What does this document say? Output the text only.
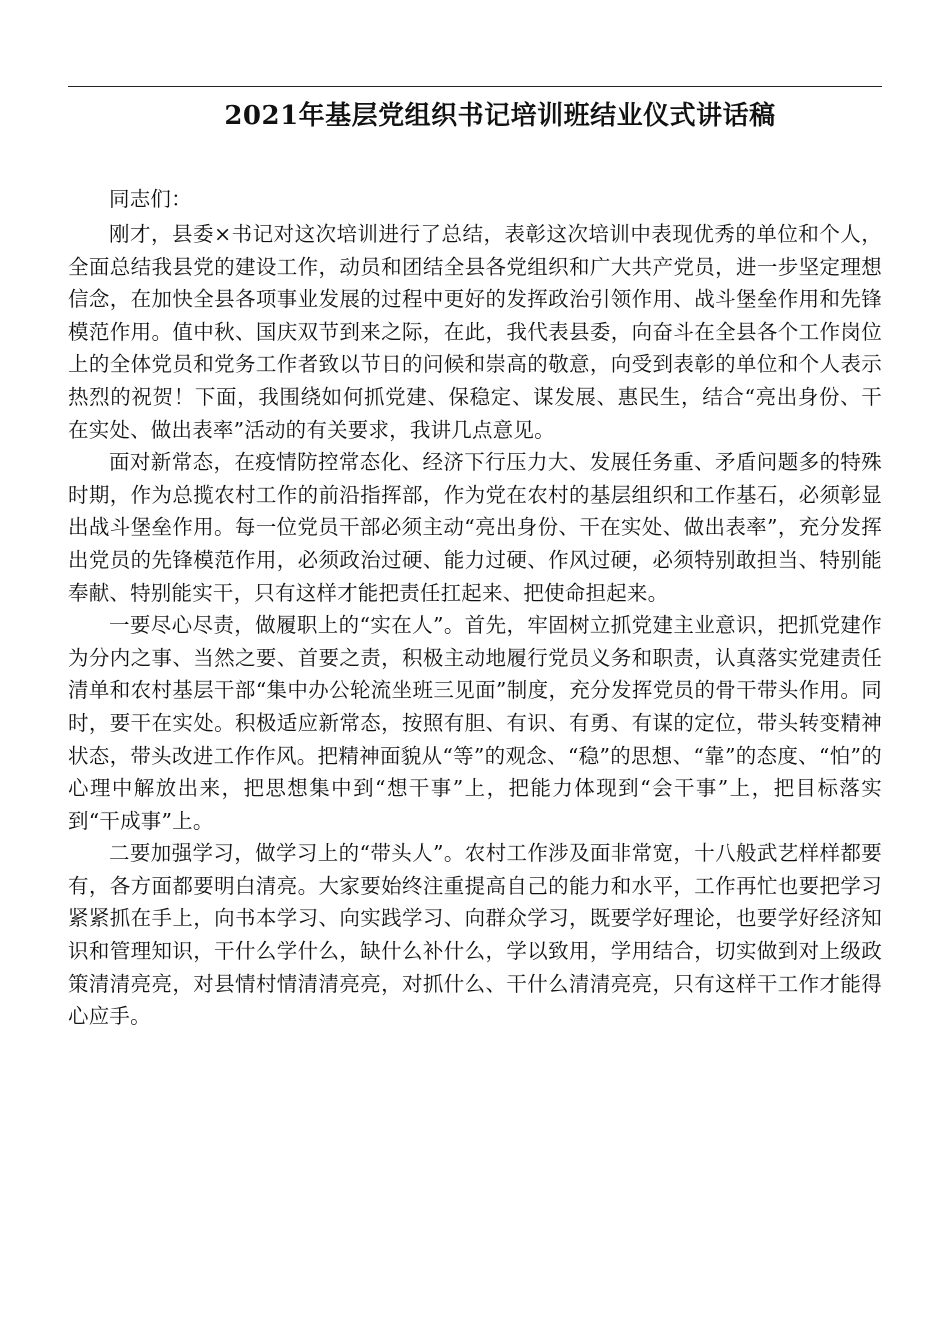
2021年基层党组织书记培训班结业仪式讲话稿

同志们：

刚才，县委×书记对这次培训进行了总结，表彰这次培训中表现优秀的单位和个人，全面总结我县党的建设工作，动员和团结全县各党组织和广大共产党员，进一步坚定理想信念，在加快全县各项事业发展的过程中更好的发挥政治引领作用、战斗堡垒作用和先锋模范作用。值中秋、国庆双节到来之际，在此，我代表县委，向奋斗在全县各个工作岗位上的全体党员和党务工作者致以节日的问候和崇高的敬意，向受到表彰的单位和个人表示热烈的祝贺！下面，我围绕如何抓党建、保稳定、谋发展、惠民生，结合“亮出身份、干在实处、做出表率”活动的有关要求，我讲几点意见。

面对新常态，在疫情防控常态化、经济下行压力大、发展任务重、矛盾问题多的特殊时期，作为总揽农村工作的前沿指挥部，作为党在农村的基层组织和工作基石，必须彰显出战斗堡垒作用。每一位党员干部必须主动“亮出身份、干在实处、做出表率”，充分发挥出党员的先锋模范作用，必须政治过硬、能力过硬、作风过硬，必须特别敢担当、特别能奉献、特别能实干，只有这样才能把责任扛起来、把使命担起来。

一要尽心尽责，做履职上的“实在人”。首先，牢固树立抓党建主业意识，把抓党建作为分内之事、当然之要、首要之责，积极主动地履行党员义务和职责，认真落实党建责任清单和农村基层干部“集中办公轮流坐班三见面”制度，充分发挥党员的骨干带头作用。同时，要干在实处。积极适应新常态，按照有胆、有识、有勇、有谋的定位，带头转变精神状态，带头改进工作作风。把精神面貌从“等”的观念、“稳”的思想、“靠”的态度、“怕”的心理中解放出来，把思想集中到“想干事”上，把能力体现到“会干事”上，把目标落实到“干成事”上。

二要加强学习，做学习上的“带头人”。农村工作涉及面非常宽，十八般武艺样样都要有，各方面都要明白清亮。大家要始终注重提高自己的能力和水平，工作再忙也要把学习紧紧抓在手上，向书本学习、向实践学习、向群众学习，既要学好理论，也要学好经济知识和管理知识，干什么学什么，缺什么补什么，学以致用，学用结合，切实做到对上级政策清清亮亮，对县情村情清清亮亮，对抓什么、干什么清清亮亮，只有这样干工作才能得心应手。
